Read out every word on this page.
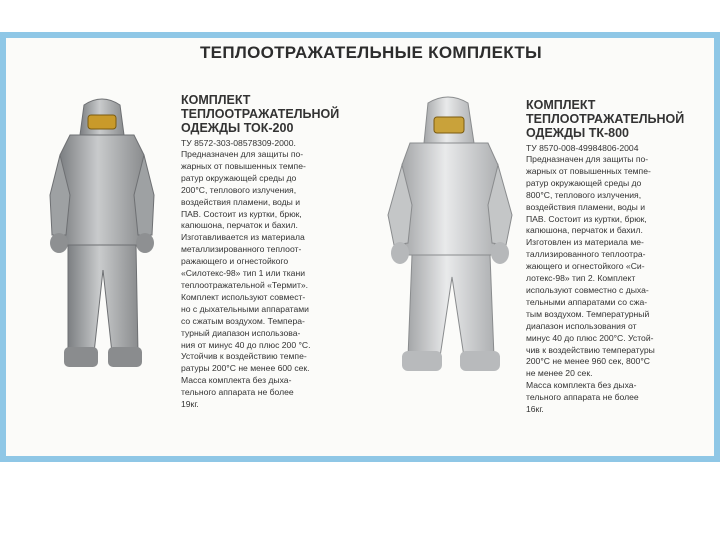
ТЕПЛООТРАЖАТЕЛЬНЫЕ КОМПЛЕКТЫ
КОМПЛЕКТ
ТЕПЛООТРАЖАТЕЛЬНОЙ
ОДЕЖДЫ ТОК-200
ТУ 8572-303-08578309-2000.
Предназначен для защиты по-
жарных от повышенных темпе-
ратур окружающей среды до
200°С, теплового излучения,
воздействия пламени, воды и
ПАВ. Состоит из куртки, брюк,
капюшона, перчаток и бахил.
Изготавливается из материала
металлизированного теплоот-
ражающего и огнестойкого
«Силотекс-98» тип 1 или ткани
теплоотражательной «Термит».
Комплект используют совмест-
но с дыхательными аппаратами
со сжатым воздухом. Темпера-
турный диапазон использова-
ния от минус 40 до плюс 200 °С.
Устойчив к воздействию темпе-
ратуры 200°С не менее 600 сек.
Масса комплекта без дыха-
тельного аппарата не более
19кг.
КОМПЛЕКТ
ТЕПЛООТРАЖАТЕЛЬНОЙ
ОДЕЖДЫ ТК-800
ТУ 8570-008-49984806-2004
Предназначен для защиты по-
жарных от повышенных темпе-
ратур окружающей среды до
800°С, теплового излучения,
воздействия пламени, воды и
ПАВ. Состоит из куртки, брюк,
капюшона, перчаток и бахил.
Изготовлен из материала ме-
таллизированного теплоотра-
жающего и огнестойкого «Си-
лотекс-98» тип 2. Комплект
используют совместно с дыха-
тельными аппаратами со сжа-
тым воздухом. Температурный
диапазон использования от
минус 40 до плюс 200°С. Устой-
чив к воздействию температуры
200°С не менее 960 сек, 800°С
не менее 20 сек.
Масса комплекта без дыха-
тельного аппарата не более
16кг.
